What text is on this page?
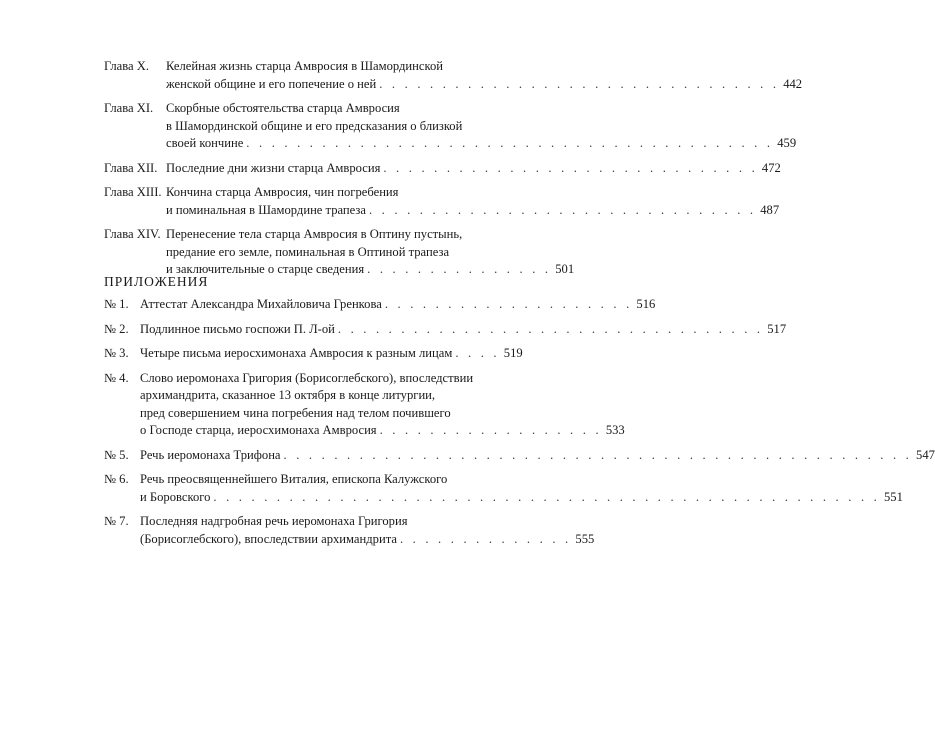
Глава X.	Келейная жизнь старца Амвросия в Шамординской
женской общине и его попечение о ней . . . . . . . . . . . . . . . . . . . . . . . . . . . . . . . . 442
Глава XI.	Скорбные обстоятельства старца Амвросия
в Шамординской общине и его предсказания о близкой
своей кончине . . . . . . . . . . . . . . . . . . . . . . . . . . . . . . . . . . . . . . . . . . 459
Глава XII. Последние дни жизни старца Амвросия . . . . . . . . . . . . . . . . . . . . . . . . . . . . . . 472
Глава XIII. Кончина старца Амвросия, чин погребения
и поминальная в Шамордине трапеза . . . . . . . . . . . . . . . . . . . . . . . . . . . . . . . 487
Глава XIV. Перенесение тела старца Амвросия в Оптину пустынь,
предание его земле, поминальная в Оптиной трапеза
и заключительные о старце сведения . . . . . . . . . . . . . . . 501
ПРИЛОЖЕНИЯ
№ 1. Аттестат Александра Михайловича Гренкова . . . . . . . . . . . . . . . . . . . . 516
№ 2. Подлинное письмо госпожи П. Л-ой . . . . . . . . . . . . . . . . . . . . . . . . . . . . . . . . . . 517
№ 3. Четыре письма иеросхимонаха Амвросия к разным лицам . . . . 519
№ 4. Слово иеромонаха Григория (Борисоглебского), впоследствии
архимандрита, сказанное 13 октября в конце литургии,
пред совершением чина погребения над телом почившего
о Господе старца, иеросхимонаха Амвросия . . . . . . . . . . . . . . . . . . 533
№ 5. Речь иеромонаха Трифона . . . . . . . . . . . . . . . . . . . . . . . . . . . . . . . . . . . . . . . . . . . . . . . . . . 547
№ 6. Речь преосвященнейшего Виталия, епископа Калужского
и Боровского . . . . . . . . . . . . . . . . . . . . . . . . . . . . . . . . . . . . . . . . . . . . . . . . . . . . . 551
№ 7. Последняя надгробная речь иеромонаха Григория
(Борисоглебского), впоследствии архимандрита . . . . . . . . . . . . . . 555
